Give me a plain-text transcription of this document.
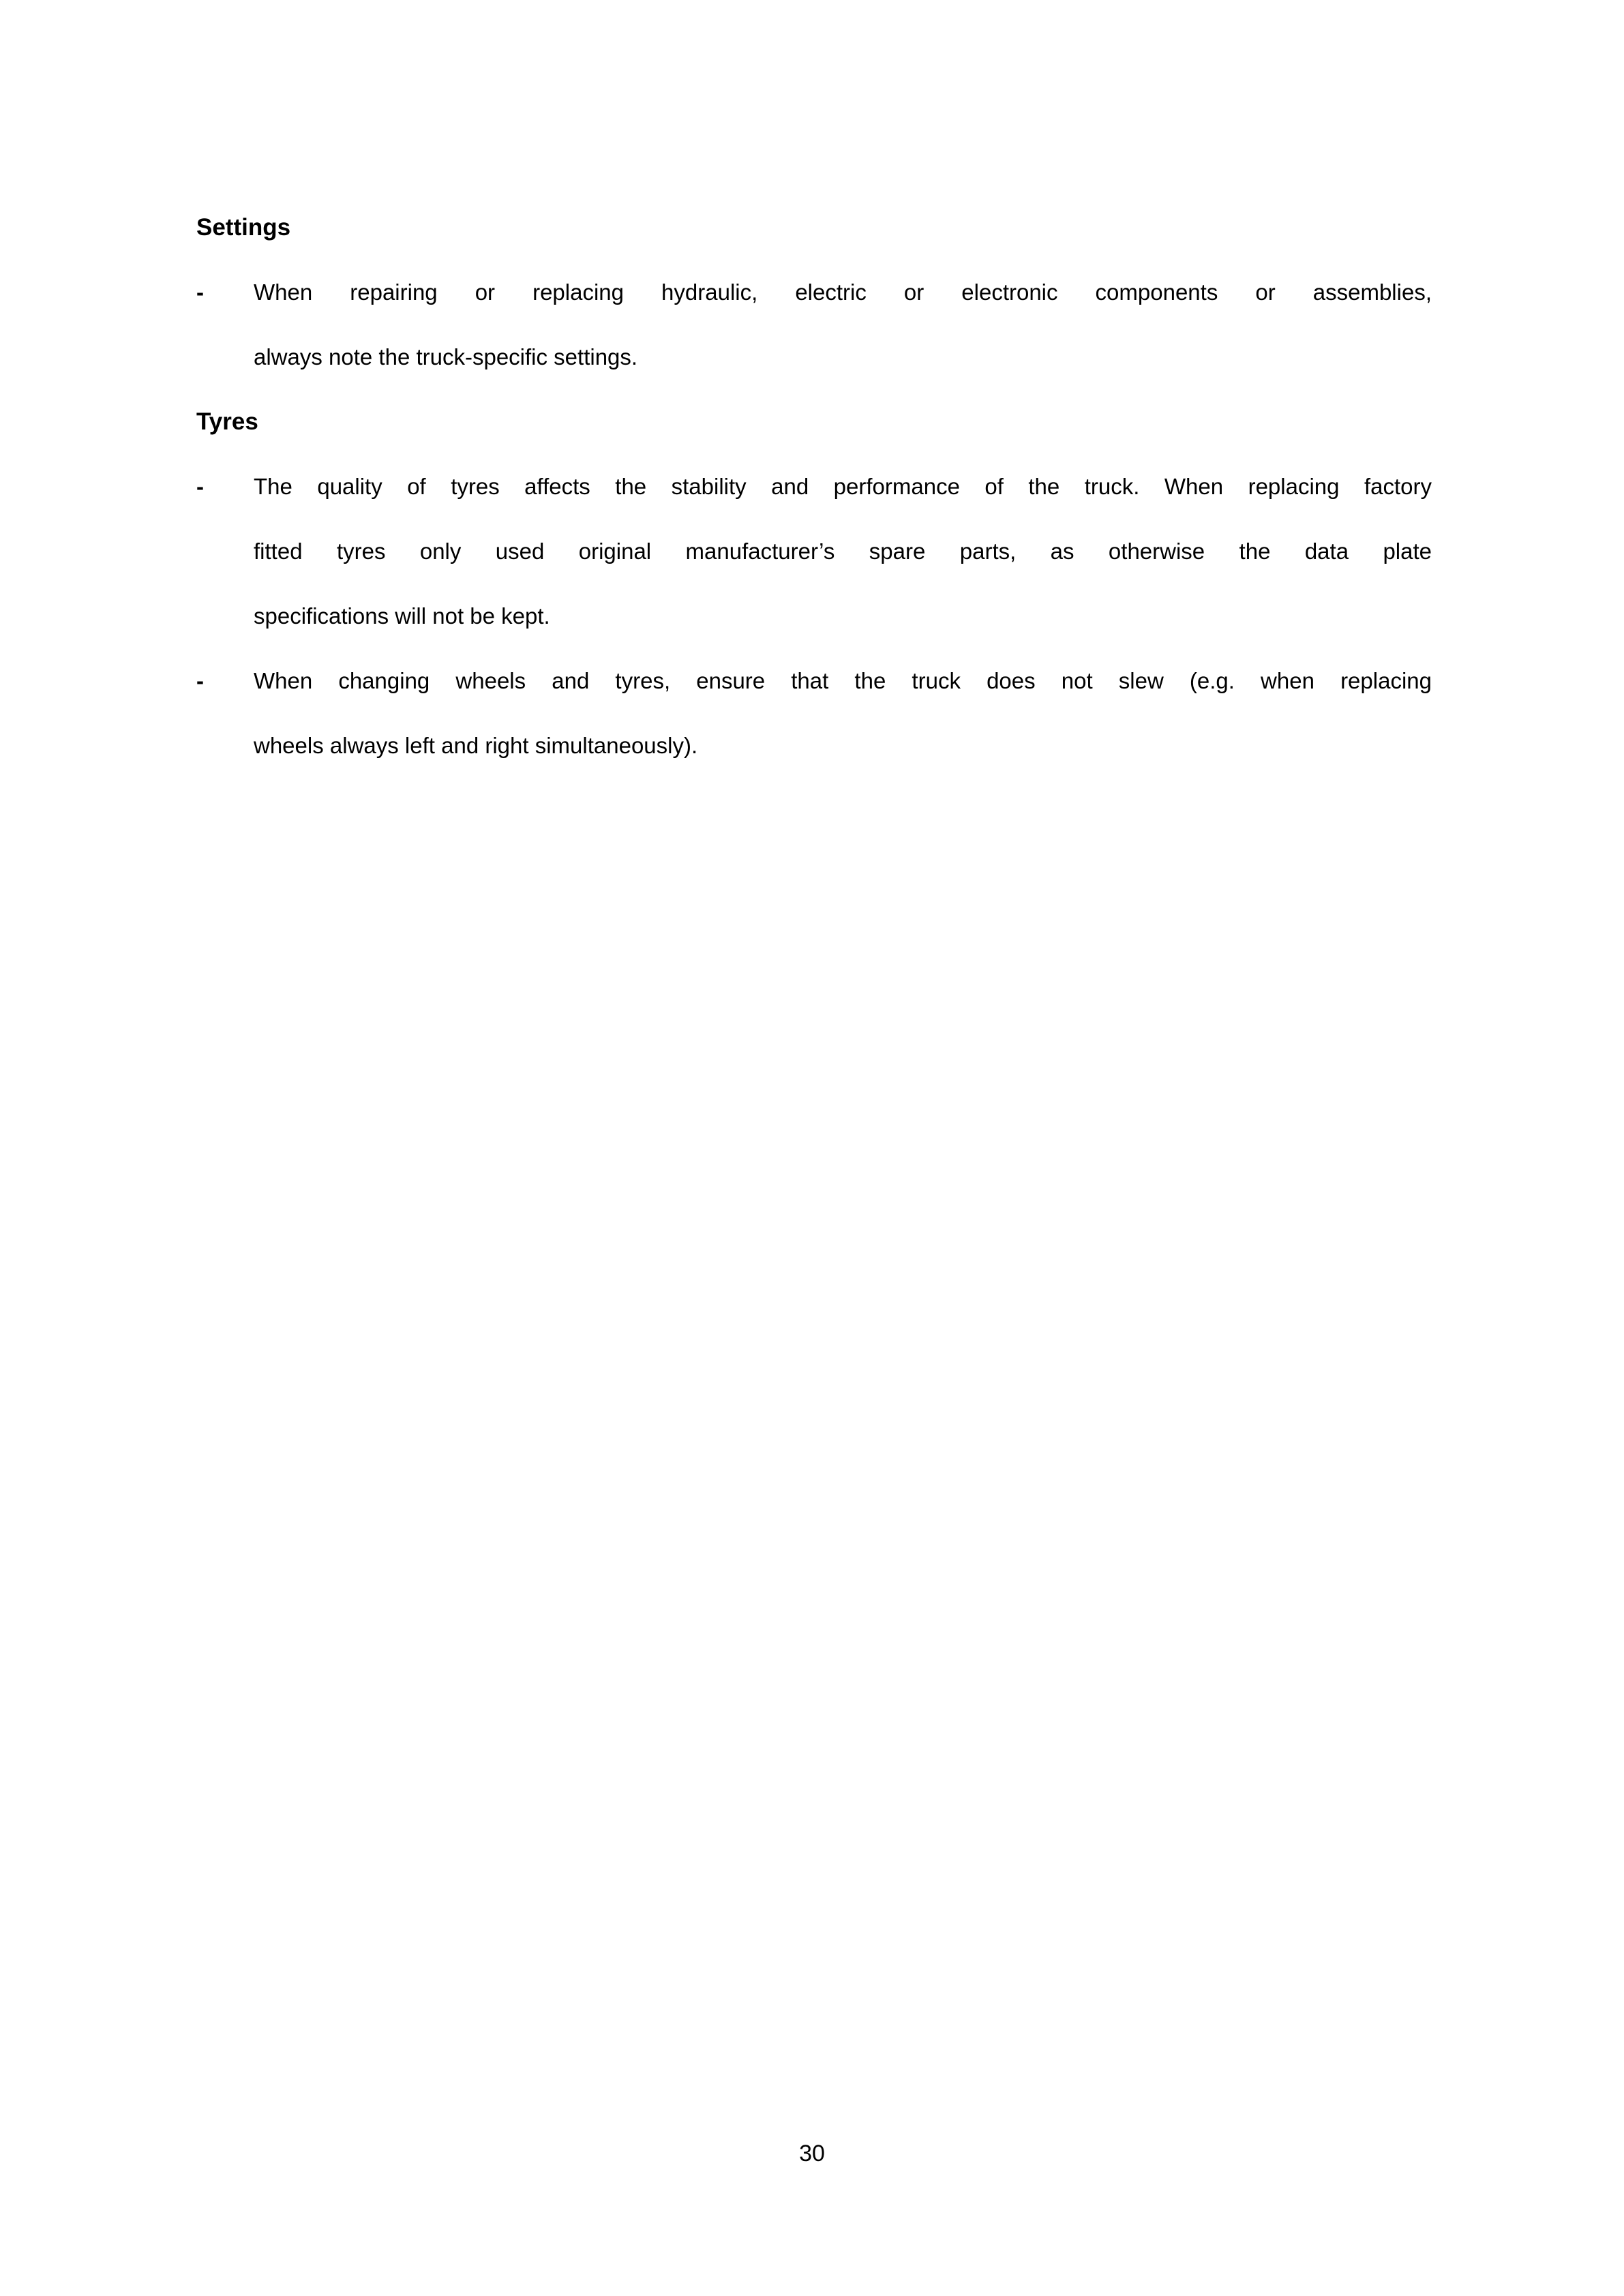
Settings
-	When repairing or replacing hydraulic, electric or electronic components or assemblies,
always note the truck-specific settings.
Tyres
-	The quality of tyres affects the stability and performance of the truck. When replacing factory
fitted tyres only used original manufacturer’s spare parts, as otherwise the data plate
specifications will not be kept.
-	When changing wheels and tyres, ensure that the truck does not slew (e.g. when replacing
wheels always left and right simultaneously).
30
